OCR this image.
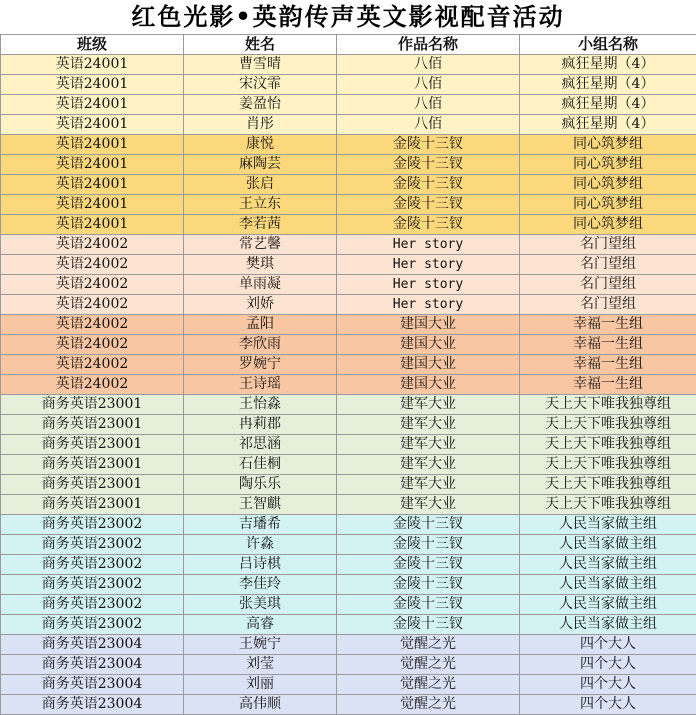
红色光影•英韵传声英文影视配音活动
班级	姓名	作品名称	小组名称
英语24001	曹雪晴	八佰	疯狂星期（4）
英语24001	宋汶霏	八佰	疯狂星期（4）
英语24001	姜盈怡	八佰	疯狂星期（4）
英语24001	肖彤	八佰	疯狂星期（4）
英语24001	康悦	金陵十三钗	同心筑梦组
英语24001	麻陶芸	金陵十三钗	同心筑梦组
英语24001	张启	金陵十三钗	同心筑梦组
英语24001	王立东	金陵十三钗	同心筑梦组
英语24001	李若茜	金陵十三钗	同心筑梦组
英语24002	常艺馨	Her story	名门望组
英语24002	樊琪	Her story	名门望组
英语24002	单雨凝	Her story	名门望组
英语24002	刘娇	Her story	名门望组
英语24002	孟阳	建国大业	幸福一生组
英语24002	李欣雨	建国大业	幸福一生组
英语24002	罗婉宁	建国大业	幸福一生组
英语24002	王诗瑶	建国大业	幸福一生组
商务英语23001	王怡淼	建军大业	天上天下唯我独尊组
商务英语23001	冉莉郡	建军大业	天上天下唯我独尊组
商务英语23001	祁思涵	建军大业	天上天下唯我独尊组
商务英语23001	石佳桐	建军大业	天上天下唯我独尊组
商务英语23001	陶乐乐	建军大业	天上天下唯我独尊组
商务英语23001	王智麒	建军大业	天上天下唯我独尊组
商务英语23002	吉璠希	金陵十三钗	人民当家做主组
商务英语23002	许淼	金陵十三钗	人民当家做主组
商务英语23002	吕诗棋	金陵十三钗	人民当家做主组
商务英语23002	李佳玲	金陵十三钗	人民当家做主组
商务英语23002	张美琪	金陵十三钗	人民当家做主组
商务英语23002	高睿	金陵十三钗	人民当家做主组
商务英语23004	王婉宁	觉醒之光	四个大人
商务英语23004	刘莹	觉醒之光	四个大人
商务英语23004	刘丽	觉醒之光	四个大人
商务英语23004	高伟顺	觉醒之光	四个大人
